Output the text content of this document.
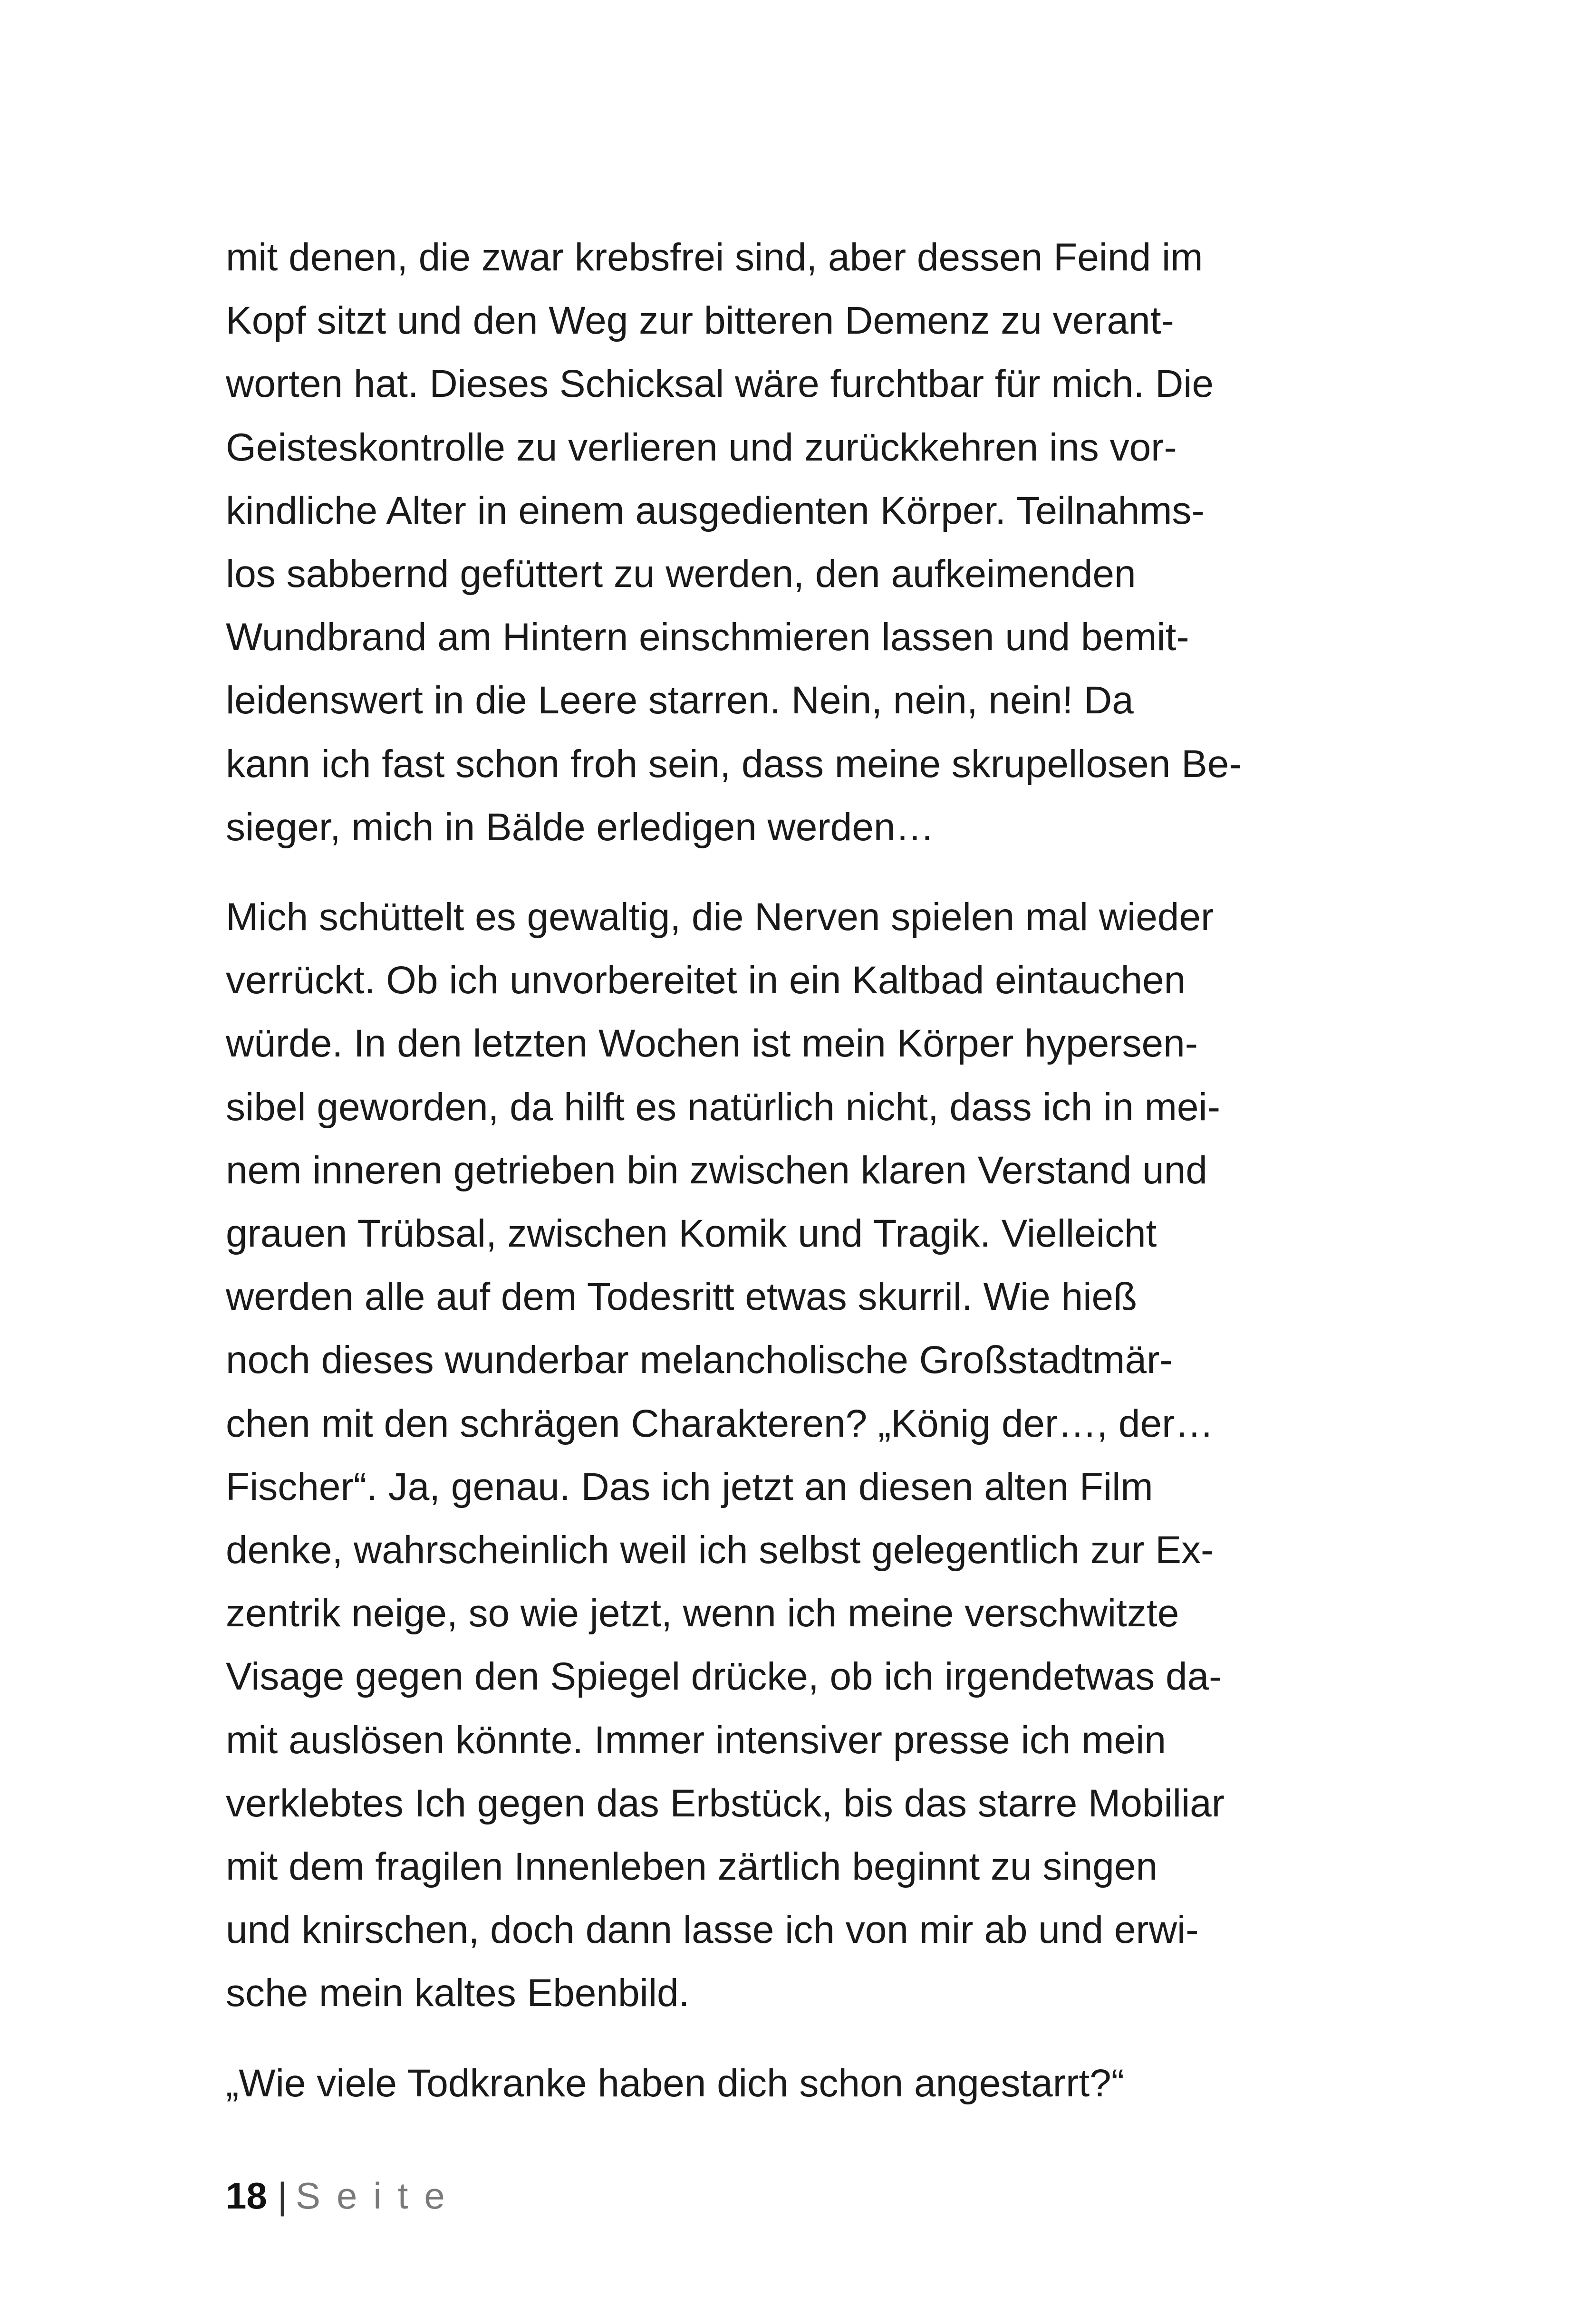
mit denen, die zwar krebsfrei sind, aber dessen Feind im
Kopf sitzt und den Weg zur bitteren Demenz zu verant-
worten hat. Dieses Schicksal wäre furchtbar für mich. Die
Geisteskontrolle zu verlieren und zurückkehren ins vor-
kindliche Alter in einem ausgedienten Körper. Teilnahms-
los sabbernd gefüttert zu werden, den aufkeimenden
Wundbrand am Hintern einschmieren lassen und bemit-
leidenswert in die Leere starren. Nein, nein, nein! Da
kann ich fast schon froh sein, dass meine skrupellosen Be-
sieger, mich in Bälde erledigen werden…

Mich schüttelt es gewaltig, die Nerven spielen mal wieder
verrückt. Ob ich unvorbereitet in ein Kaltbad eintauchen
würde. In den letzten Wochen ist mein Körper hypersen-
sibel geworden, da hilft es natürlich nicht, dass ich in mei-
nem inneren getrieben bin zwischen klaren Verstand und
grauen Trübsal, zwischen Komik und Tragik. Vielleicht
werden alle auf dem Todesritt etwas skurril. Wie hieß
noch dieses wunderbar melancholische Großstadtmär-
chen mit den schrägen Charakteren? „König der…, der…
Fischer“. Ja, genau. Das ich jetzt an diesen alten Film
denke, wahrscheinlich weil ich selbst gelegentlich zur Ex-
zentrik neige, so wie jetzt, wenn ich meine verschwitzte
Visage gegen den Spiegel drücke, ob ich irgendetwas da-
mit auslösen könnte. Immer intensiver presse ich mein
verklebtes Ich gegen das Erbstück, bis das starre Mobiliar
mit dem fragilen Innenleben zärtlich beginnt zu singen
und knirschen, doch dann lasse ich von mir ab und erwi-
sche mein kaltes Ebenbild.

„Wie viele Todkranke haben dich schon angestarrt?“

18 | Seite
